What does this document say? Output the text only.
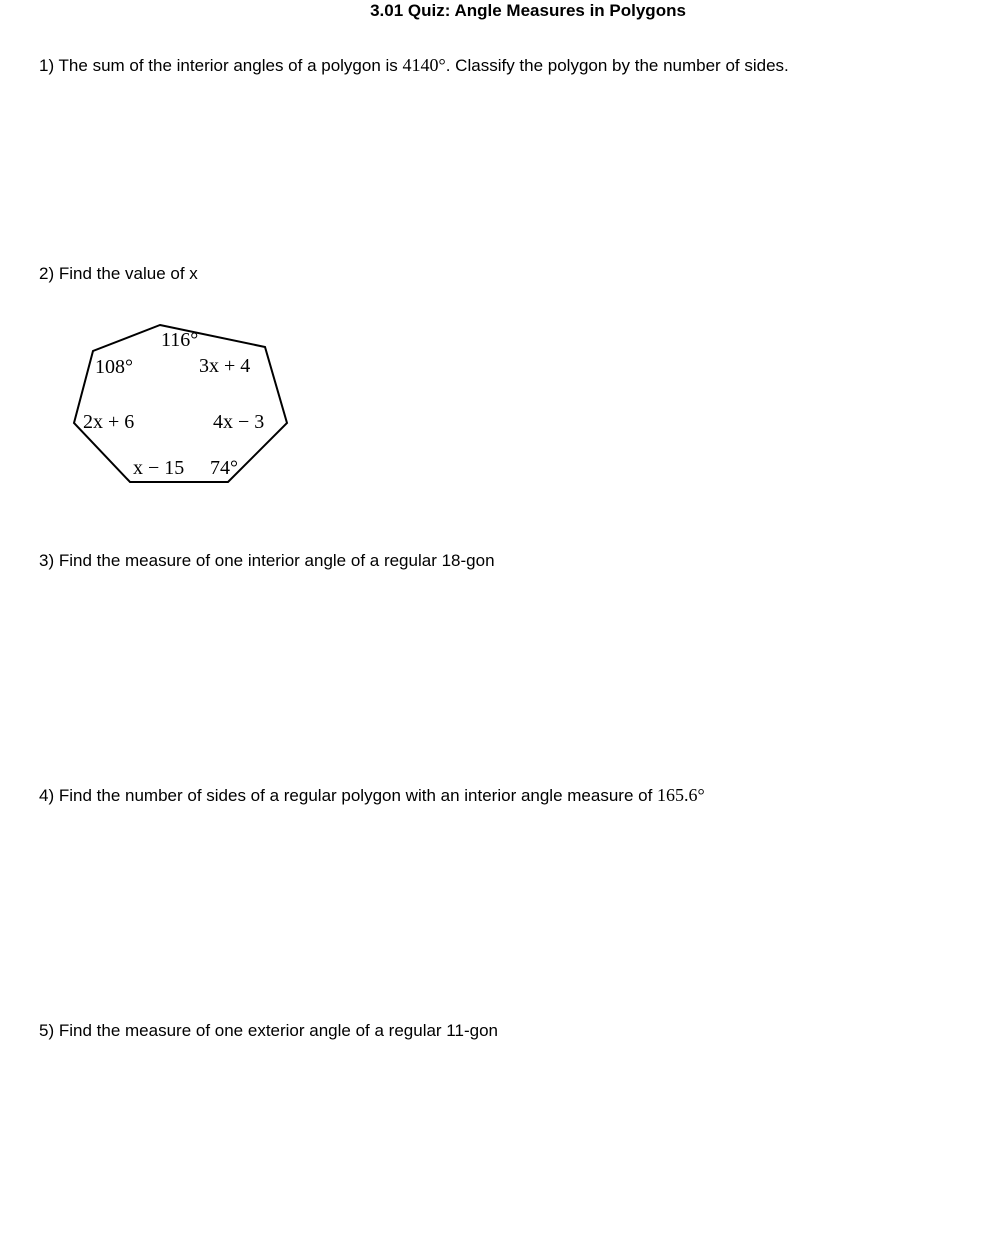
3.01 Quiz: Angle Measures in Polygons
1) The sum of the interior angles of a polygon is 4140°. Classify the polygon by the number of sides.
2) Find the value of x
116°
108°	3x + 4
2x + 6	4x − 3
x − 15 74°
3) Find the measure of one interior angle of a regular 18-gon
4) Find the number of sides of a regular polygon with an interior angle measure of 165.6°
5) Find the measure of one exterior angle of a regular 11-gon
